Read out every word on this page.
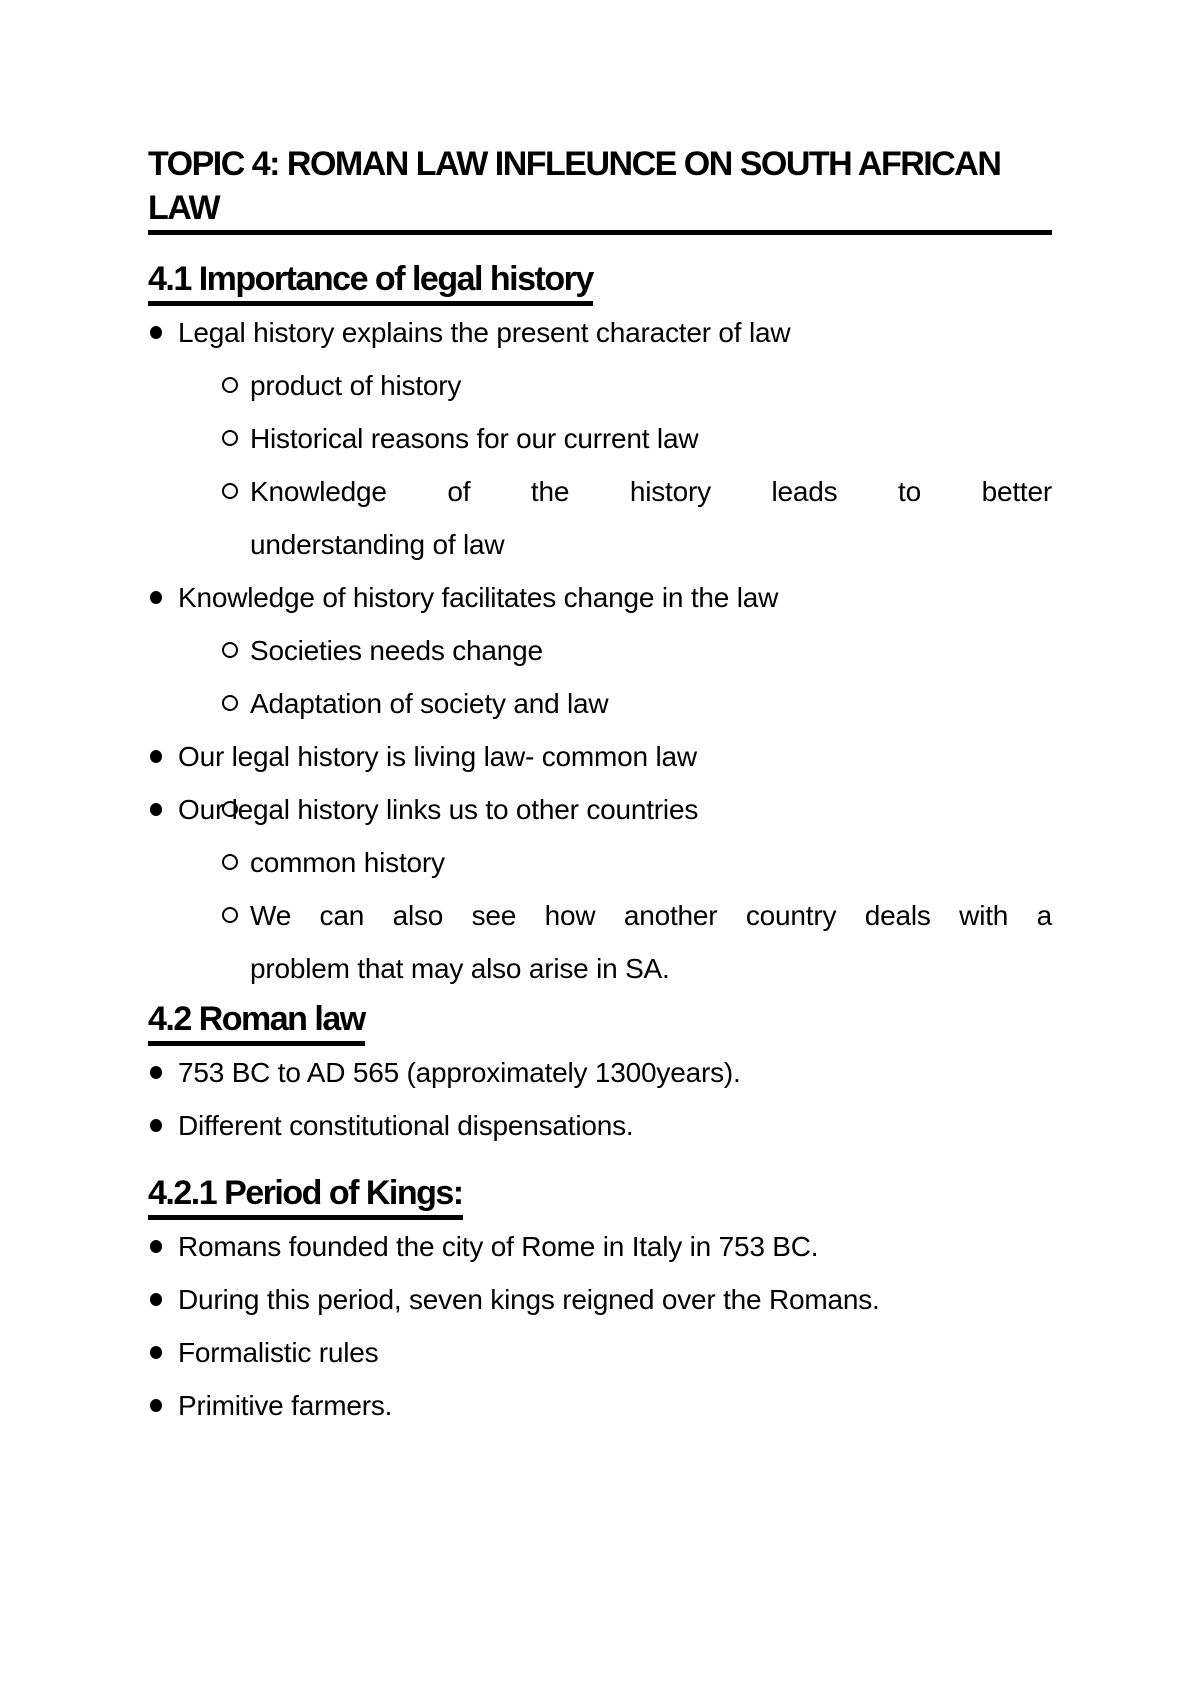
TOPIC 4: ROMAN LAW INFLEUNCE ON SOUTH AFRICAN LAW
4.1 Importance of legal history
Legal history explains the present character of law
product of history
Historical reasons for our current law
Knowledge of the history leads to better
understanding of law
Knowledge of history facilitates change in the law
Societies needs change
Adaptation of society and law
Our legal history is living law- common law
Our legal history links us to other countries
common history
We can also see how another country deals with a
problem that may also arise in SA.
4.2 Roman law
753 BC to AD 565 (approximately 1300years).
Different constitutional dispensations.
4.2.1 Period of Kings:
Romans founded the city of Rome in Italy in 753 BC.
During this period, seven kings reigned over the Romans.
Formalistic rules
Primitive farmers.
